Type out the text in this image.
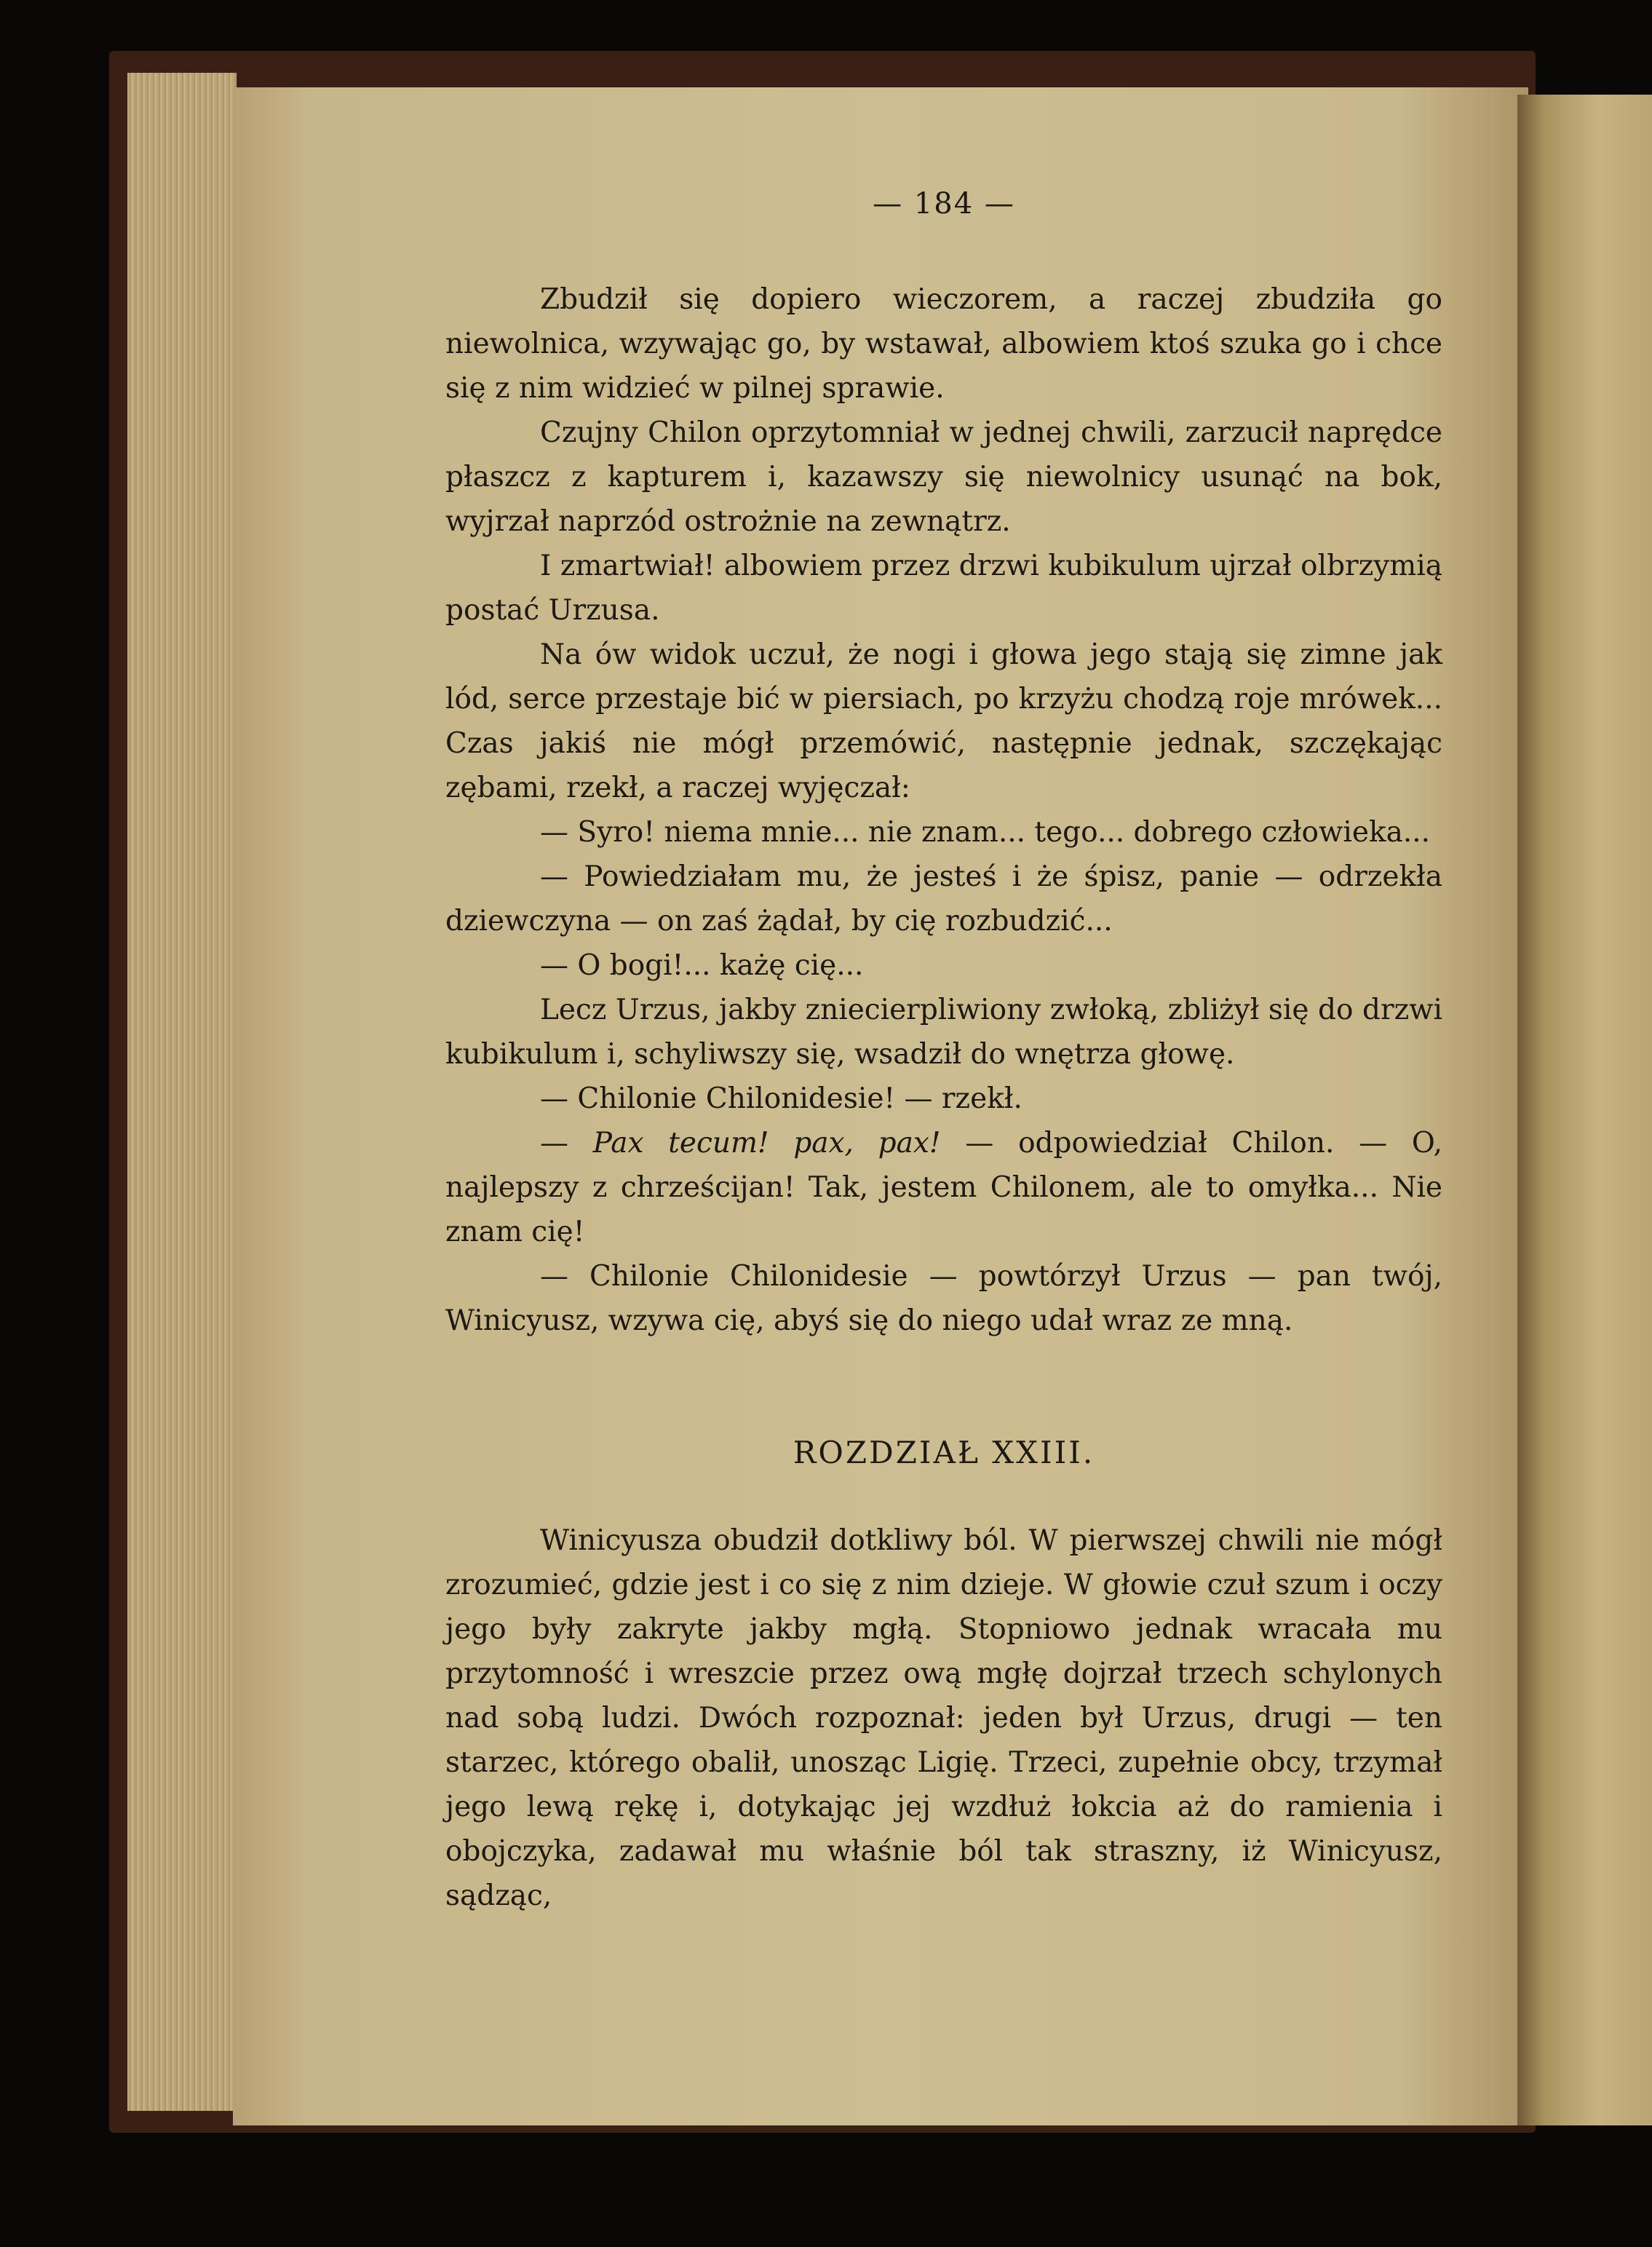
— 184 —

Zbudził się dopiero wieczorem, a raczej zbudziła go niewolnica, wzywając go, by wstawał, albowiem ktoś szuka go i chce się z nim widzieć w pilnej sprawie.

Czujny Chilon oprzytomniał w jednej chwili, zarzucił naprędce płaszcz z kapturem i, kazawszy się niewolnicy usunąć na bok, wyjrzał naprzód ostrożnie na zewnątrz.

I zmartwiał! albowiem przez drzwi kubikulum ujrzał olbrzymią postać Urzusa.

Na ów widok uczuł, że nogi i głowa jego stają się zimne jak lód, serce przestaje bić w piersiach, po krzyżu chodzą roje mrówek... Czas jakiś nie mógł przemówić, następnie jednak, szczękając zębami, rzekł, a raczej wyjęczał:

— Syro! niema mnie... nie znam... tego... dobrego człowieka...

— Powiedziałam mu, że jesteś i że śpisz, panie — odrzekła dziewczyna — on zaś żądał, by cię rozbudzić...

— O bogi!... każę cię...

Lecz Urzus, jakby zniecierpliwiony zwłoką, zbliżył się do drzwi kubikulum i, schyliwszy się, wsadził do wnętrza głowę.

— Chilonie Chilonidesie! — rzekł.

— Pax tecum! pax, pax! — odpowiedział Chilon. — O, najlepszy z chrześcijan! Tak, jestem Chilonem, ale to omyłka... Nie znam cię!

— Chilonie Chilonidesie — powtórzył Urzus — pan twój, Winicyusz, wzywa cię, abyś się do niego udał wraz ze mną.

ROZDZIAŁ XXIII.

Winicyusza obudził dotkliwy ból. W pierwszej chwili nie mógł zrozumieć, gdzie jest i co się z nim dzieje. W głowie czuł szum i oczy jego były zakryte jakby mgłą. Stopniowo jednak wracała mu przytomność i wreszcie przez ową mgłę dojrzał trzech schylonych nad sobą ludzi. Dwóch rozpoznał: jeden był Urzus, drugi — ten starzec, którego obalił, unosząc Ligię. Trzeci, zupełnie obcy, trzymał jego lewą rękę i, dotykając jej wzdłuż łokcia aż do ramienia i obojczyka, zadawał mu właśnie ból tak straszny, iż Winicyusz, sądząc,
